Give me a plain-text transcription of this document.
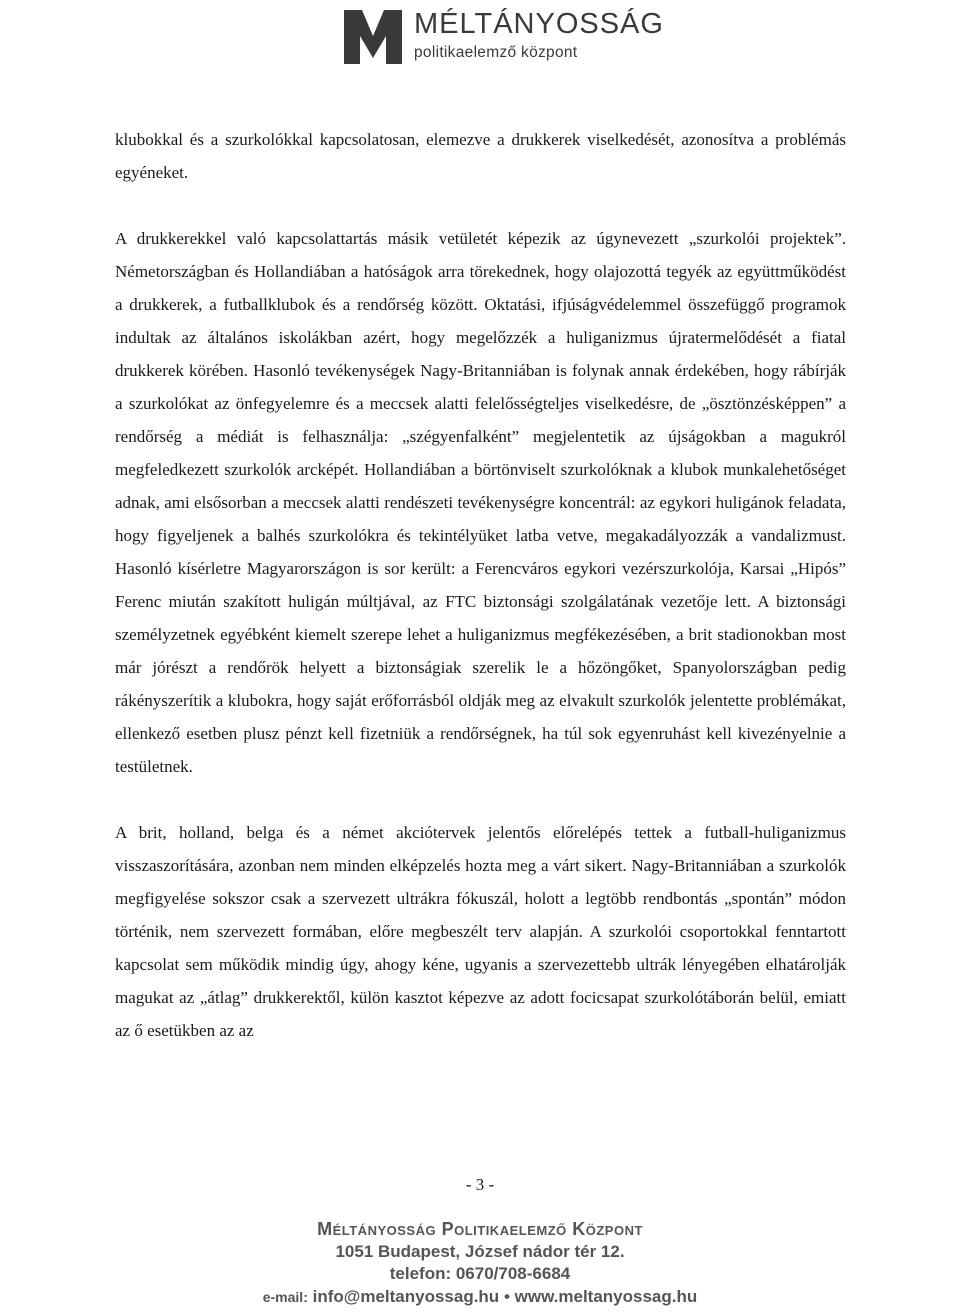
MÉLTÁNYOSSÁG
politikaelemző központ

klubokkal és a szurkolókkal kapcsolatosan, elemezve a drukkerek viselkedését, azonosítva a problémás egyéneket.

A drukkerekkel való kapcsolattartás másik vetületét képezik az úgynevezett „szurkolói projektek”. Németországban és Hollandiában a hatóságok arra törekednek, hogy olajozottá tegyék az együttműködést a drukkerek, a futballklubok és a rendőrség között. Oktatási, ifjúságvédelemmel összefüggő programok indultak az általános iskolákban azért, hogy megelőzzék a huliganizmus újratermelődését a fiatal drukkerek körében. Hasonló tevékenységek Nagy-Britanniában is folynak annak érdekében, hogy rábírják a szurkolókat az önfegyelemre és a meccsek alatti felelősségteljes viselkedésre, de „ösztönzésképpen” a rendőrség a médiát is felhasználja: „szégyenfalként” megjelentetik az újságokban a magukról megfeledkezett szurkolók arcképét. Hollandiában a börtönviselt szurkolóknak a klubok munkalehetőséget adnak, ami elsősorban a meccsek alatti rendészeti tevékenységre koncentrál: az egykori huligánok feladata, hogy figyeljenek a balhés szurkolókra és tekintélyüket latba vetve, megakadályozzák a vandalizmust. Hasonló kísérletre Magyarországon is sor került: a Ferencváros egykori vezérszurkolója, Karsai „Hipós” Ferenc miután szakított huligán múltjával, az FTC biztonsági szolgálatának vezetője lett. A biztonsági személyzetnek egyébként kiemelt szerepe lehet a huliganizmus megfékezésében, a brit stadionokban most már jórészt a rendőrök helyett a biztonságiak szerelik le a hőzöngőket, Spanyolországban pedig rákényszerítik a klubokra, hogy saját erőforrásból oldják meg az elvakult szurkolók jelentette problémákat, ellenkező esetben plusz pénzt kell fizetniük a rendőrségnek, ha túl sok egyenruhást kell kivezényelnie a testületnek.

A brit, holland, belga és a német akciótervek jelentős előrelépés tettek a futball-huliganizmus visszaszorítására, azonban nem minden elképzelés hozta meg a várt sikert. Nagy-Britanniában a szurkolók megfigyelése sokszor csak a szervezett ultrákra fókuszál, holott a legtöbb rendbontás „spontán” módon történik, nem szervezett formában, előre megbeszélt terv alapján. A szurkolói csoportokkal fenntartott kapcsolat sem működik mindig úgy, ahogy kéne, ugyanis a szervezettebb ultrák lényegében elhatárolják magukat az „átlag” drukkerektől, külön kasztot képezve az adott focicsapat szurkolótáborán belül, emiatt az ő esetükben az az

- 3 -
Méltányosság Politikaelemző Központ
1051 Budapest, József nádor tér 12.
telefon: 0670/708-6684
e-mail: info@meltanyossag.hu • www.meltanyossag.hu
